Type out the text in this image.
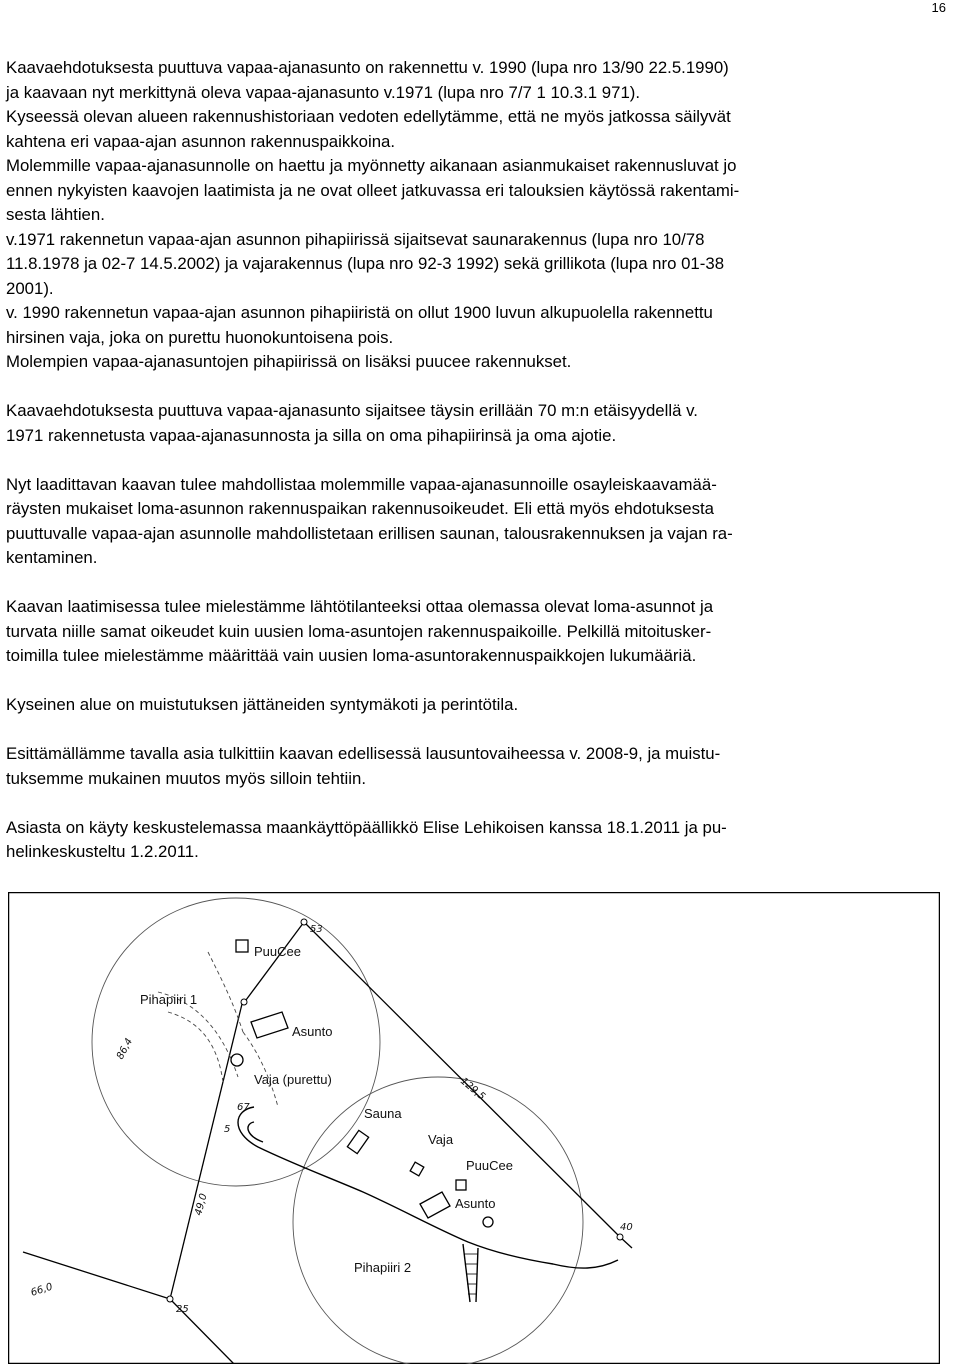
16

Kaavaehdotuksesta puuttuva vapaa-ajanasunto on rakennettu v. 1990 (lupa nro 13/90 22.5.1990)
ja kaavaan nyt merkittynä oleva vapaa-ajanasunto v.1971 (lupa nro 7/7 1 10.3.1 971).
Kyseessä olevan alueen rakennushistoriaan vedoten edellytämme, että ne myös jatkossa säilyvät
kahtena eri vapaa-ajan asunnon rakennuspaikkoina.
Molemmille vapaa-ajanasunnolle on haettu ja myönnetty aikanaan asianmukaiset rakennusluvat jo
ennen nykyisten kaavojen laatimista ja ne ovat olleet jatkuvassa eri talouksien käytössä rakentami-
sesta lähtien.
v.1971 rakennetun vapaa-ajan asunnon pihapiirissä sijaitsevat saunarakennus (lupa nro 10/78
11.8.1978 ja 02-7 14.5.2002) ja vajarakennus (lupa nro 92-3 1992) sekä grillikota (lupa nro 01-38
2001).
v. 1990 rakennetun vapaa-ajan asunnon pihapiiristä on ollut 1900 luvun alkupuolella rakennettu
hirsinen vaja, joka on purettu huonokuntoisena pois.
Molempien vapaa-ajanasuntojen pihapiirissä on lisäksi puucee rakennukset.

Kaavaehdotuksesta puuttuva vapaa-ajanasunto sijaitsee täysin erillään 70 m:n etäisyydellä v.
1971 rakennetusta vapaa-ajanasunnosta ja silla on oma pihapiirinsä ja oma ajotie.

Nyt laadittavan kaavan tulee mahdollistaa molemmille vapaa-ajanasunnoille osayleiskaavamää-
räysten mukaiset loma-asunnon rakennuspaikan rakennusoikeudet. Eli että myös ehdotuksesta
puuttuvalle vapaa-ajan asunnolle mahdollistetaan erillisen saunan, talousrakennuksen ja vajan ra-
kentaminen.

Kaavan laatimisessa tulee mielestämme lähtötilanteeksi ottaa olemassa olevat loma-asunnot ja
turvata niille samat oikeudet kuin uusien loma-asuntojen rakennuspaikoille. Pelkillä mitoitusker-
toimilla tulee mielestämme määrittää vain uusien loma-asuntorakennuspaikkojen lukumääriä.

Kyseinen alue on muistutuksen jättäneiden syntymäkoti ja perintötila.

Esittämällämme tavalla asia tulkittiin kaavan edellisessä lausuntovaiheessa v. 2008-9, ja muistu-
tuksemme mukainen muutos myös silloin tehtiin.

Asiasta on käyty keskustelemassa maankäyttöpäällikkö Elise Lehikoisen kanssa 18.1.2011 ja pu-
helinkeskusteltu 1.2.2011.

PuuCee
Pihapiiri 1
Asunto
Vaja (purettu)
Sauna
Vaja
PuuCee
Asunto
Pihapiiri 2
53
86,4
129,5
67
5
49,0
40
66,0
25
